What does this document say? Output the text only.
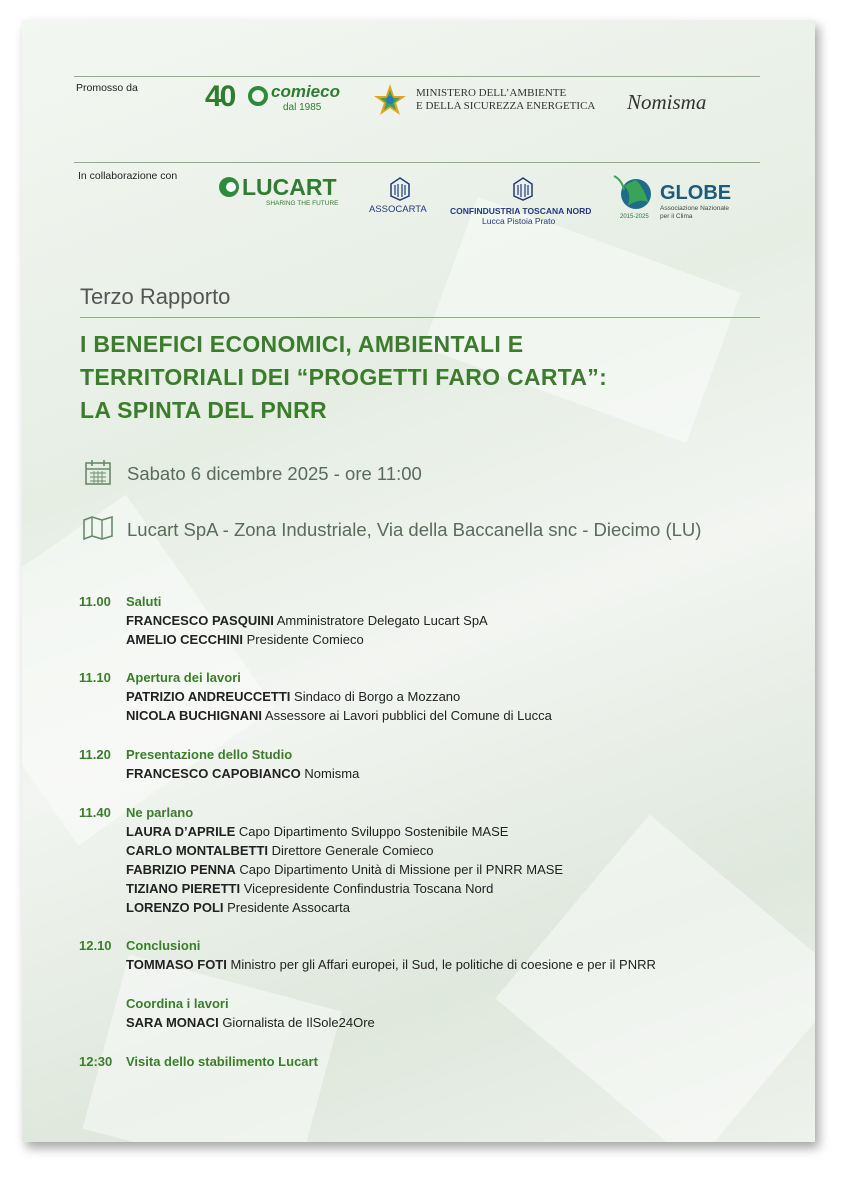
Promosso da 40 comieco
dal 1985
MINISTERO DELL’AMBIENTE
E DELLA SICUREZZA ENERGETICA Nomisma
In collaborazione con	LUCART
SHARING THE FUTURE
ASSOCARTA	CONFINDUSTRIA TOSCANA NORD
Lucca Pistoia Prato	2015-2025
GLOBE
Associazione Nazionale
per il Clima
Terzo Rapporto
I BENEFICI ECONOMICI, AMBIENTALI E
TERRITORIALI DEI “PROGETTI FARO CARTA”:
LA SPINTA DEL PNRR
Sabato 6 dicembre 2025 - ore 11:00
Lucart SpA - Zona Industriale, Via della Baccanella snc - Diecimo (LU)
11.00 Saluti
FRANCESCO PASQUINI Amministratore Delegato Lucart SpA
AMELIO CECCHINI Presidente Comieco
11.10 Apertura dei lavori
PATRIZIO ANDREUCCETTI Sindaco di Borgo a Mozzano
NICOLA BUCHIGNANI Assessore ai Lavori pubblici del Comune di Lucca
11.20 Presentazione dello Studio
FRANCESCO CAPOBIANCO Nomisma
11.40 Ne parlano
LAURA D’APRILE Capo Dipartimento Sviluppo Sostenibile MASE
CARLO MONTALBETTI Direttore Generale Comieco
FABRIZIO PENNA Capo Dipartimento Unità di Missione per il PNRR MASE
TIZIANO PIERETTI Vicepresidente Confindustria Toscana Nord
LORENZO POLI Presidente Assocarta
12.10 Conclusioni
TOMMASO FOTI Ministro per gli Affari europei, il Sud, le politiche di coesione e per il PNRR
Coordina i lavori
SARA MONACI Giornalista de IlSole24Ore
12:30 Visita dello stabilimento Lucart
